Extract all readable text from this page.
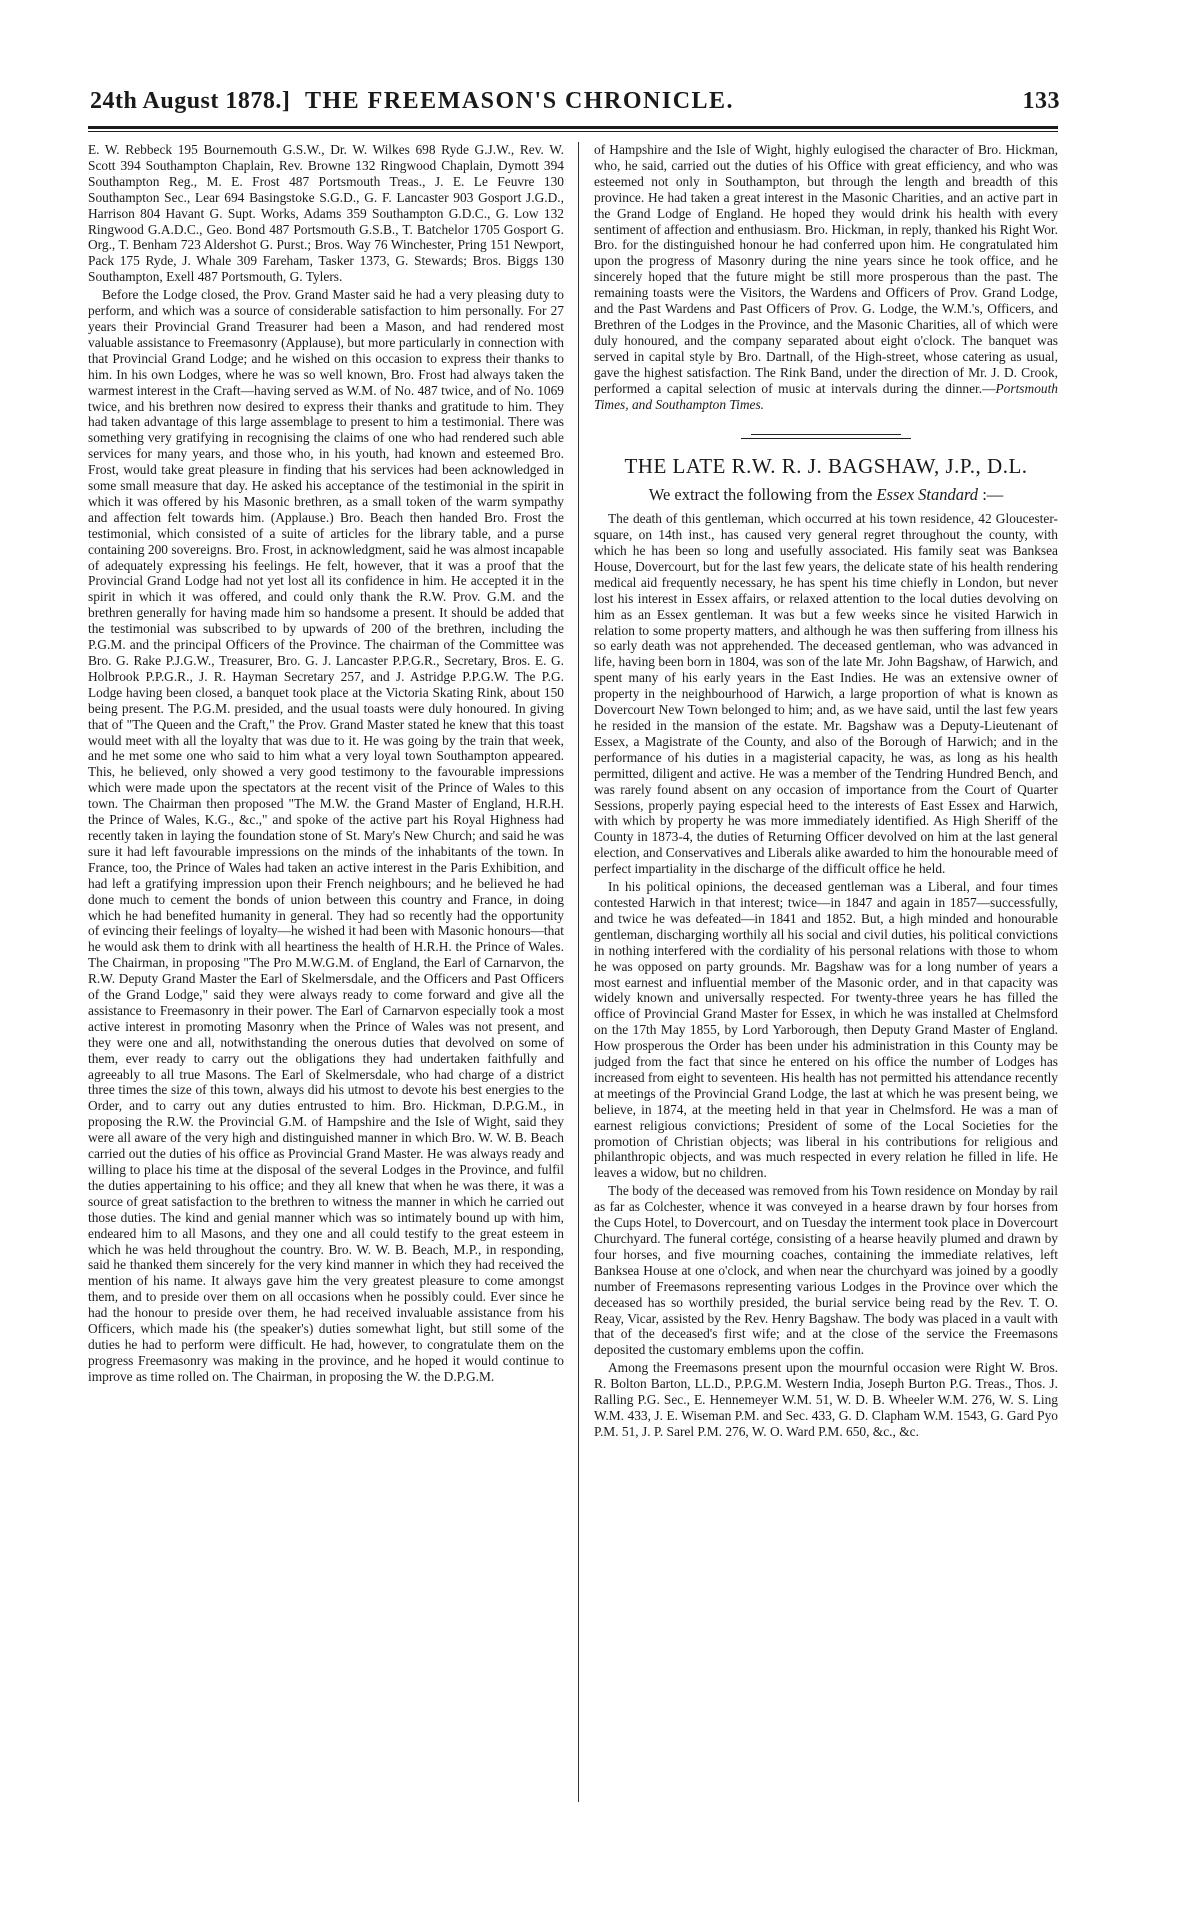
24th August 1878.] THE FREEMASON'S CHRONICLE.	133

E. W. Rebbeck 195 Bournemouth G.S.W., Dr. W. Wilkes 698 Ryde G.J.W., Rev. W. Scott 394 Southampton Chaplain, Rev. Browne 132 Ringwood Chaplain, Dymott 394 Southampton Reg., M. E. Frost 487 Portsmouth Treas., J. E. Le Feuvre 130 Southampton Sec., Lear 694 Basingstoke S.G.D., G. F. Lancaster 903 Gosport J.G.D., Harrison 804 Havant G. Supt. Works, Adams 359 Southampton G.D.C., G. Low 132 Ringwood G.A.D.C., Geo. Bond 487 Portsmouth G.S.B., T. Batchelor 1705 Gosport G. Org., T. Benham 723 Aldershot G. Purst.; Bros. Way 76 Winchester, Pring 151 Newport, Pack 175 Ryde, J. Whale 309 Fareham, Tasker 1373, G. Stewards; Bros. Biggs 130 Southampton, Exell 487 Portsmouth, G. Tylers.

Before the Lodge closed, the Prov. Grand Master said he had a very pleasing duty to perform, and which was a source of considerable satisfaction to him personally. For 27 years their Provincial Grand Treasurer had been a Mason, and had rendered most valuable assistance to Freemasonry (Applause), but more particularly in connection with that Provincial Grand Lodge; and he wished on this occasion to express their thanks to him. In his own Lodges, where he was so well known, Bro. Frost had always taken the warmest interest in the Craft—having served as W.M. of No. 487 twice, and of No. 1069 twice, and his brethren now desired to express their thanks and gratitude to him. They had taken advantage of this large assemblage to present to him a testimonial. There was something very gratifying in recognising the claims of one who had rendered such able services for many years, and those who, in his youth, had known and esteemed Bro. Frost, would take great pleasure in finding that his services had been acknowledged in some small measure that day. He asked his acceptance of the testimonial in the spirit in which it was offered by his Masonic brethren, as a small token of the warm sympathy and affection felt towards him. (Applause.) Bro. Beach then handed Bro. Frost the testimonial, which consisted of a suite of articles for the library table, and a purse containing 200 sovereigns. Bro. Frost, in acknowledgment, said he was almost incapable of adequately expressing his feelings. He felt, however, that it was a proof that the Provincial Grand Lodge had not yet lost all its confidence in him. He accepted it in the spirit in which it was offered, and could only thank the R.W. Prov. G.M. and the brethren generally for having made him so handsome a present. It should be added that the testimonial was subscribed to by upwards of 200 of the brethren, including the P.G.M. and the principal Officers of the Province. The chairman of the Committee was Bro. G. Rake P.J.G.W., Treasurer, Bro. G. J. Lancaster P.P.G.R., Secretary, Bros. E. G. Holbrook P.P.G.R., J. R. Hayman Secretary 257, and J. Astridge P.P.G.W. The P.G. Lodge having been closed, a banquet took place at the Victoria Skating Rink, about 150 being present. The P.G.M. presided, and the usual toasts were duly honoured. In giving that of "The Queen and the Craft," the Prov. Grand Master stated he knew that this toast would meet with all the loyalty that was due to it. He was going by the train that week, and he met some one who said to him what a very loyal town Southampton appeared. This, he believed, only showed a very good testimony to the favourable impressions which were made upon the spectators at the recent visit of the Prince of Wales to this town. The Chairman then proposed "The M.W. the Grand Master of England, H.R.H. the Prince of Wales, K.G., &c.," and spoke of the active part his Royal Highness had recently taken in laying the foundation stone of St. Mary's New Church; and said he was sure it had left favourable impressions on the minds of the inhabitants of the town. In France, too, the Prince of Wales had taken an active interest in the Paris Exhibition, and had left a gratifying impression upon their French neighbours; and he believed he had done much to cement the bonds of union between this country and France, in doing which he had benefited humanity in general. They had so recently had the opportunity of evincing their feelings of loyalty—he wished it had been with Masonic honours—that he would ask them to drink with all heartiness the health of H.R.H. the Prince of Wales. The Chairman, in proposing "The Pro M.W.G.M. of England, the Earl of Carnarvon, the R.W. Deputy Grand Master the Earl of Skelmersdale, and the Officers and Past Officers of the Grand Lodge," said they were always ready to come forward and give all the assistance to Freemasonry in their power. The Earl of Carnarvon especially took a most active interest in promoting Masonry when the Prince of Wales was not present, and they were one and all, notwithstanding the onerous duties that devolved on some of them, ever ready to carry out the obligations they had undertaken faithfully and agreeably to all true Masons. The Earl of Skelmersdale, who had charge of a district three times the size of this town, always did his utmost to devote his best energies to the Order, and to carry out any duties entrusted to him. Bro. Hickman, D.P.G.M., in proposing the R.W. the Provincial G.M. of Hampshire and the Isle of Wight, said they were all aware of the very high and distinguished manner in which Bro. W. W. B. Beach carried out the duties of his office as Provincial Grand Master. He was always ready and willing to place his time at the disposal of the several Lodges in the Province, and fulfil the duties appertaining to his office; and they all knew that when he was there, it was a source of great satisfaction to the brethren to witness the manner in which he carried out those duties. The kind and genial manner which was so intimately bound up with him, endeared him to all Masons, and they one and all could testify to the great esteem in which he was held throughout the country. Bro. W. W. B. Beach, M.P., in responding, said he thanked them sincerely for the very kind manner in which they had received the mention of his name. It always gave him the very greatest pleasure to come amongst them, and to preside over them on all occasions when he possibly could. Ever since he had the honour to preside over them, he had received invaluable assistance from his Officers, which made his (the speaker's) duties somewhat light, but still some of the duties he had to perform were difficult. He had, however, to congratulate them on the progress Freemasonry was making in the province, and he hoped it would continue to improve as time rolled on. The Chairman, in proposing the W. the D.P.G.M.

of Hampshire and the Isle of Wight, highly eulogised the character of Bro. Hickman, who, he said, carried out the duties of his Office with great efficiency, and who was esteemed not only in Southampton, but through the length and breadth of this province. He had taken a great interest in the Masonic Charities, and an active part in the Grand Lodge of England. He hoped they would drink his health with every sentiment of affection and enthusiasm. Bro. Hickman, in reply, thanked his Right Wor. Bro. for the distinguished honour he had conferred upon him. He congratulated him upon the progress of Masonry during the nine years since he took office, and he sincerely hoped that the future might be still more prosperous than the past. The remaining toasts were the Visitors, the Wardens and Officers of Prov. Grand Lodge, and the Past Wardens and Past Officers of Prov. G. Lodge, the W.M.'s, Officers, and Brethren of the Lodges in the Province, and the Masonic Charities, all of which were duly honoured, and the company separated about eight o'clock. The banquet was served in capital style by Bro. Dartnall, of the High-street, whose catering as usual, gave the highest satisfaction. The Rink Band, under the direction of Mr. J. D. Crook, performed a capital selection of music at intervals during the dinner.—Portsmouth Times, and Southampton Times.

THE LATE R.W. R. J. BAGSHAW, J.P., D.L.
We extract the following from the Essex Standard :—

The death of this gentleman, which occurred at his town residence, 42 Gloucester-square, on 14th inst., has caused very general regret throughout the county, with which he has been so long and usefully associated. His family seat was Banksea House, Dovercourt, but for the last few years, the delicate state of his health rendering medical aid frequently necessary, he has spent his time chiefly in London, but never lost his interest in Essex affairs, or relaxed attention to the local duties devolving on him as an Essex gentleman. It was but a few weeks since he visited Harwich in relation to some property matters, and although he was then suffering from illness his so early death was not apprehended. The deceased gentleman, who was advanced in life, having been born in 1804, was son of the late Mr. John Bagshaw, of Harwich, and spent many of his early years in the East Indies. He was an extensive owner of property in the neighbourhood of Harwich, a large proportion of what is known as Dovercourt New Town belonged to him; and, as we have said, until the last few years he resided in the mansion of the estate. Mr. Bagshaw was a Deputy-Lieutenant of Essex, a Magistrate of the County, and also of the Borough of Harwich; and in the performance of his duties in a magisterial capacity, he was, as long as his health permitted, diligent and active. He was a member of the Tendring Hundred Bench, and was rarely found absent on any occasion of importance from the Court of Quarter Sessions, properly paying especial heed to the interests of East Essex and Harwich, with which by property he was more immediately identified. As High Sheriff of the County in 1873-4, the duties of Returning Officer devolved on him at the last general election, and Conservatives and Liberals alike awarded to him the honourable meed of perfect impartiality in the discharge of the difficult office he held.

In his political opinions, the deceased gentleman was a Liberal, and four times contested Harwich in that interest; twice—in 1847 and again in 1857—successfully, and twice he was defeated—in 1841 and 1852. But, a high minded and honourable gentleman, discharging worthily all his social and civil duties, his political convictions in nothing interfered with the cordiality of his personal relations with those to whom he was opposed on party grounds. Mr. Bagshaw was for a long number of years a most earnest and influential member of the Masonic order, and in that capacity was widely known and universally respected. For twenty-three years he has filled the office of Provincial Grand Master for Essex, in which he was installed at Chelmsford on the 17th May 1855, by Lord Yarborough, then Deputy Grand Master of England. How prosperous the Order has been under his administration in this County may be judged from the fact that since he entered on his office the number of Lodges has increased from eight to seventeen. His health has not permitted his attendance recently at meetings of the Provincial Grand Lodge, the last at which he was present being, we believe, in 1874, at the meeting held in that year in Chelmsford. He was a man of earnest religious convictions; President of some of the Local Societies for the promotion of Christian objects; was liberal in his contributions for religious and philanthropic objects, and was much respected in every relation he filled in life. He leaves a widow, but no children.

The body of the deceased was removed from his Town residence on Monday by rail as far as Colchester, whence it was conveyed in a hearse drawn by four horses from the Cups Hotel, to Dovercourt, and on Tuesday the interment took place in Dovercourt Churchyard. The funeral cortége, consisting of a hearse heavily plumed and drawn by four horses, and five mourning coaches, containing the immediate relatives, left Banksea House at one o'clock, and when near the churchyard was joined by a goodly number of Freemasons representing various Lodges in the Province over which the deceased has so worthily presided, the burial service being read by the Rev. T. O. Reay, Vicar, assisted by the Rev. Henry Bagshaw. The body was placed in a vault with that of the deceased's first wife; and at the close of the service the Freemasons deposited the customary emblems upon the coffin.

Among the Freemasons present upon the mournful occasion were Right W. Bros. R. Bolton Barton, LL.D., P.P.G.M. Western India, Joseph Burton P.G. Treas., Thos. J. Ralling P.G. Sec., E. Hennemeyer W.M. 51, W. D. B. Wheeler W.M. 276, W. S. Ling W.M. 433, J. E. Wiseman P.M. and Sec. 433, G. D. Clapham W.M. 1543, G. Gard Pyo P.M. 51, J. P. Sarel P.M. 276, W. O. Ward P.M. 650, &c., &c.
